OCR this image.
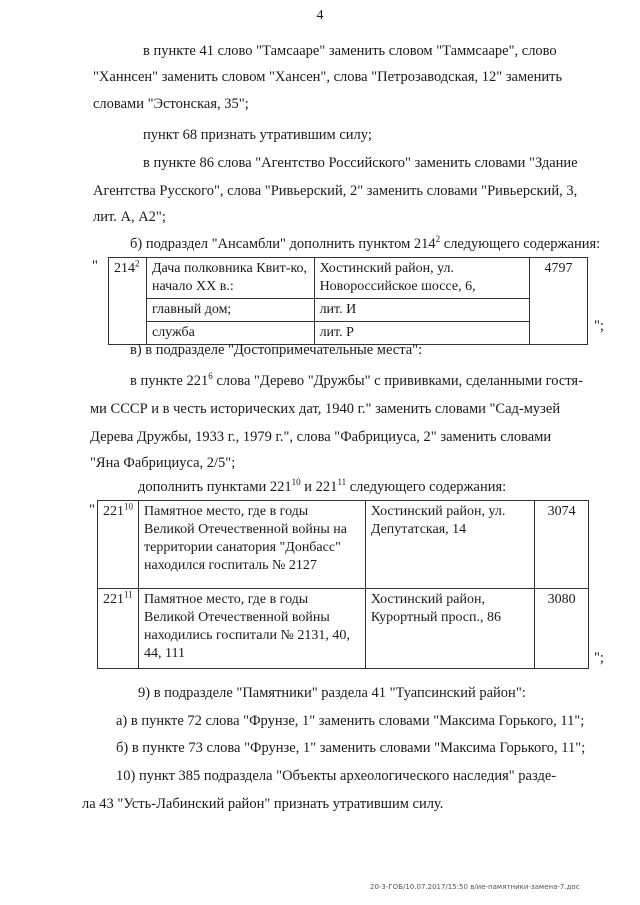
4
в пункте 41 слово "Тамсааре" заменить словом "Таммсааре", слово
"Ханнсен" заменить словом "Хансен", слова "Петрозаводская, 12" заменить
словами "Эстонская, 35";
пункт 68 признать утратившим силу;
в пункте 86 слова "Агентство Российского" заменить словами "Здание
Агентства Русского", слова "Ривьерский, 2" заменить словами "Ривьерский, 3,
лит. А, А2";
б) подраздел "Ансамбли" дополнить пунктом $214^2$ следующего содержания:
" $214^2$	Дача полковника Квит-ко, начало XX в.:	Хостинский район, ул. Новороссийское шоссе, 6,	4797
	главный дом;	лит. И	
	служба	лит. Р		";
в) в подразделе "Достопримечательные места":
в пункте $221^6$ слова "Дерево "Дружбы" с прививками, сделанными гостя-
ми СССР и в честь исторических дат, 1940 г." заменить словами "Сад-музей
Дерева Дружбы, 1933 г., 1979 г.", слова "Фабрициуса, 2" заменить словами
"Яна Фабрициуса, 2/5";
дополнить пунктами $221^{10}$ и $221^{11}$ следующего содержания:
" $221^{10}$	Памятное место, где в годы Великой Отечественной войны на территории санатория "Донбасс" находился госпиталь № 2127	Хостинский район, ул. Депутатская, 14	3074
$221^{11}$	Памятное место, где в годы Великой Отечественной войны находились госпитали № 2131, 40, 44, 111	Хостинский район, Курортный просп., 86	3080
";
9) в подразделе "Памятники" раздела 41 "Туапсинский район":
а) в пункте 72 слова "Фрунзе, 1" заменить словами "Максима Горького, 11";
б) в пункте 73 слова "Фрунзе, 1" заменить словами "Максима Горького, 11";
10) пункт 385 подраздела "Объекты археологического наследия" разде-
ла 43 "Усть-Лабинский район" признать утратившим силу.
20-3-ГОБ/10.07.2017/15:50 в/ие-памятники-замена-7.доc
